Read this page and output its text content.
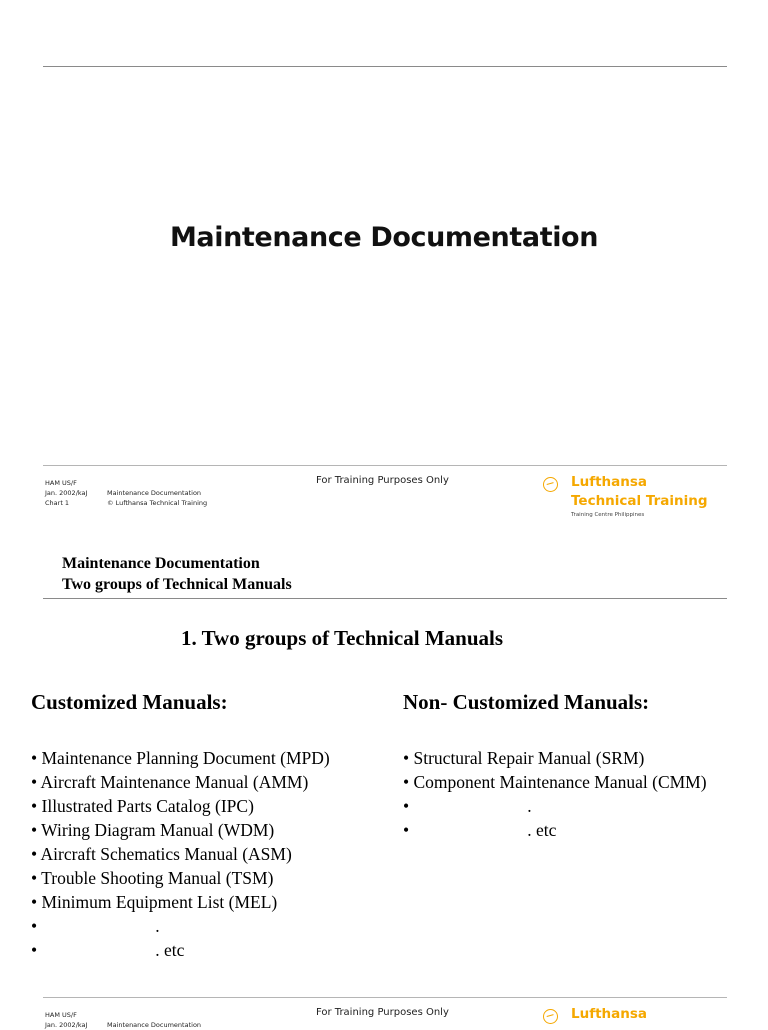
Maintenance Documentation
HAM US/F
Jan. 2002/kaJ	Maintenance Documentation
Chart 1	© Lufthansa Technical Training
For Training Purposes Only	Lufthansa
Technical Training
Training Centre Philippines
Maintenance Documentation
Two groups of Technical Manuals
1. Two groups of Technical Manuals
Customized Manuals:	Non- Customized Manuals:
• Maintenance Planning Document (MPD)
• Aircraft Maintenance Manual (AMM)
• Illustrated Parts Catalog (IPC)
• Wiring Diagram Manual (WDM)
• Aircraft Schematics Manual (ASM)
• Trouble Shooting Manual (TSM)
• Minimum Equipment List (MEL)
•                           .
•                           . etc
• Structural Repair Manual (SRM)
• Component Maintenance Manual (CMM)
•                           .
•                           . etc
HAM US/F
Jan. 2002/kaJ	Maintenance Documentation
For Training Purposes Only	Lufthansa
